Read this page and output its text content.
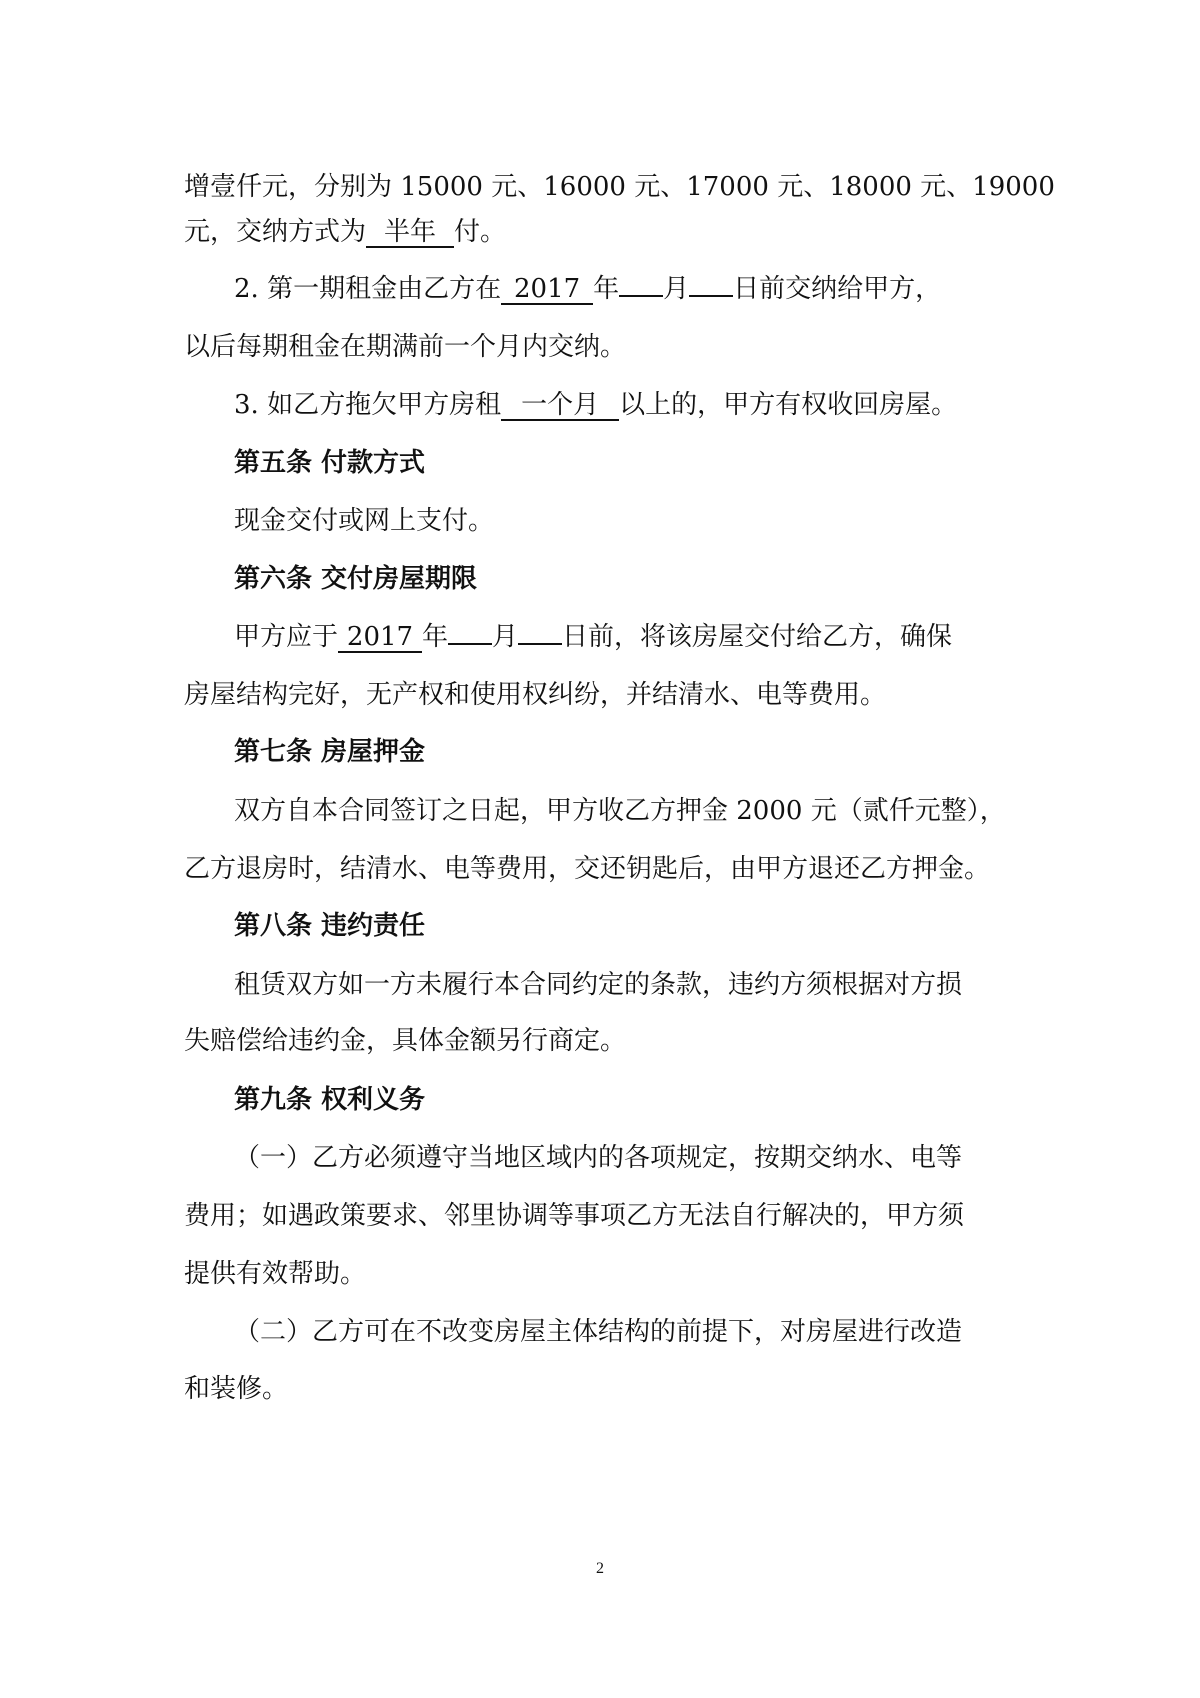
增壹仟元，分别为 15000 元、16000 元、17000 元、18000 元、19000
元，交纳方式为 半年 付。
2. 第一期租金由乙方在 2017 年 月 日前交纳给甲方，
以后每期租金在期满前一个月内交纳。
3. 如乙方拖欠甲方房租 一个月 以上的，甲方有权收回房屋。
第五条 付款方式
现金交付或网上支付。
第六条 交付房屋期限
甲方应于 2017 年 月 日前，将该房屋交付给乙方，确保
房屋结构完好，无产权和使用权纠纷，并结清水、电等费用。
第七条 房屋押金
双方自本合同签订之日起，甲方收乙方押金 2000 元（贰仟元整），
乙方退房时，结清水、电等费用，交还钥匙后，由甲方退还乙方押金。
第八条 违约责任
租赁双方如一方未履行本合同约定的条款，违约方须根据对方损
失赔偿给违约金，具体金额另行商定。
第九条 权利义务
（一）乙方必须遵守当地区域内的各项规定，按期交纳水、电等
费用；如遇政策要求、邻里协调等事项乙方无法自行解决的，甲方须
提供有效帮助。
（二）乙方可在不改变房屋主体结构的前提下，对房屋进行改造
和装修。
2
